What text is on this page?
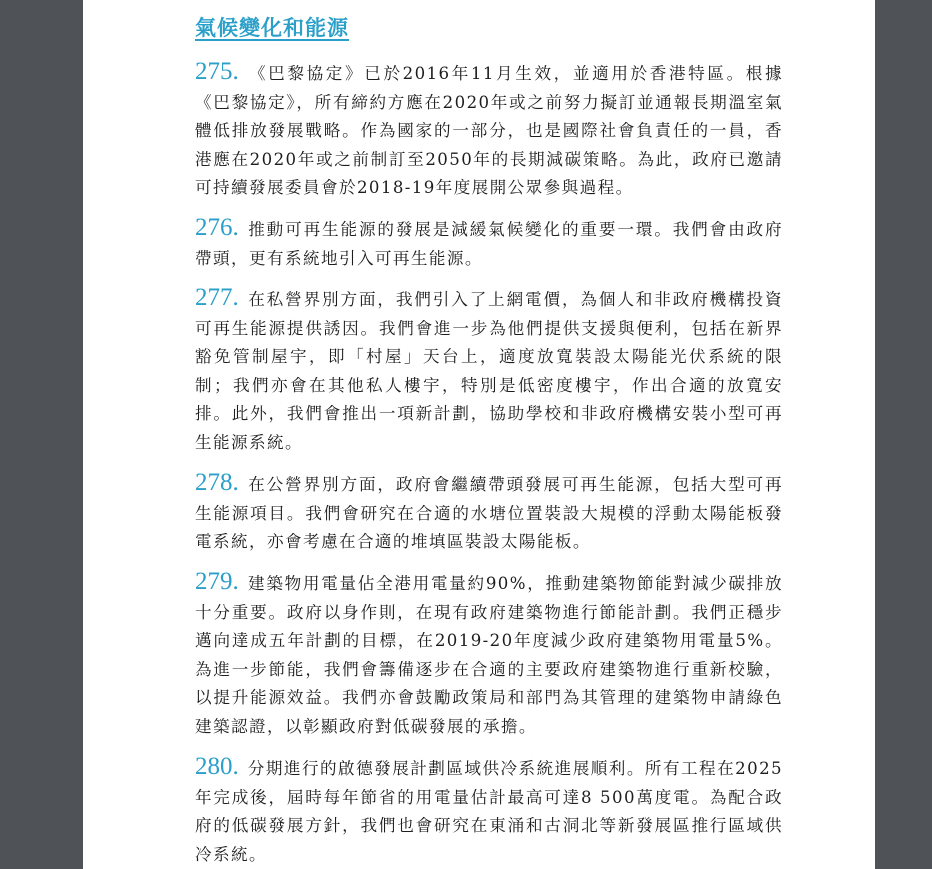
氣候變化和能源
275. 《巴黎協定》已於2016年11月生效，並適用於香港特區。根據《巴黎協定》，所有締約方應在2020年或之前努力擬訂並通報長期溫室氣體低排放發展戰略。作為國家的一部分，也是國際社會負責任的一員，香港應在2020年或之前制訂至2050年的長期減碳策略。為此，政府已邀請可持續發展委員會於2018-19年度展開公眾參與過程。
276. 推動可再生能源的發展是減緩氣候變化的重要一環。我們會由政府帶頭，更有系統地引入可再生能源。
277. 在私營界別方面，我們引入了上網電價，為個人和非政府機構投資可再生能源提供誘因。我們會進一步為他們提供支援與便利，包括在新界豁免管制屋宇，即「村屋」天台上，適度放寬裝設太陽能光伏系統的限制；我們亦會在其他私人樓宇，特別是低密度樓宇，作出合適的放寬安排。此外，我們會推出一項新計劃，協助學校和非政府機構安裝小型可再生能源系統。
278. 在公營界別方面，政府會繼續帶頭發展可再生能源，包括大型可再生能源項目。我們會研究在合適的水塘位置裝設大規模的浮動太陽能板發電系統，亦會考慮在合適的堆填區裝設太陽能板。
279. 建築物用電量佔全港用電量約90%，推動建築物節能對減少碳排放十分重要。政府以身作則，在現有政府建築物進行節能計劃。我們正穩步邁向達成五年計劃的目標，在2019-20年度減少政府建築物用電量5%。為進一步節能，我們會籌備逐步在合適的主要政府建築物進行重新校驗，以提升能源效益。我們亦會鼓勵政策局和部門為其管理的建築物申請綠色建築認證，以彰顯政府對低碳發展的承擔。
280. 分期進行的啟德發展計劃區域供冷系統進展順利。所有工程在2025年完成後，屆時每年節省的用電量估計最高可達8 500萬度電。為配合政府的低碳發展方針，我們也會研究在東涌和古洞北等新發展區推行區域供冷系統。
